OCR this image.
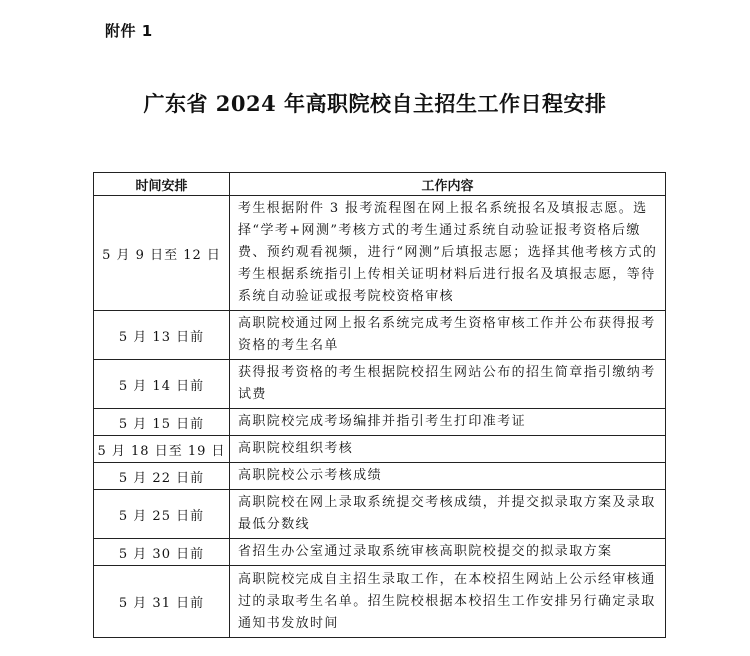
附件 1
广东省 2024 年高职院校自主招生工作日程安排
时间安排	工作内容
5 月 9 日至 12 日	考生根据附件 3 报考流程图在网上报名系统报名及填报志愿。选择“学考+网测”考核方式的考生通过系统自动验证报考资格后缴费、预约观看视频，进行“网测”后填报志愿；选择其他考核方式的考生根据系统指引上传相关证明材料后进行报名及填报志愿，等待系统自动验证或报考院校资格审核
5 月 13 日前	高职院校通过网上报名系统完成考生资格审核工作并公布获得报考资格的考生名单
5 月 14 日前	获得报考资格的考生根据院校招生网站公布的招生简章指引缴纳考试费
5 月 15 日前	高职院校完成考场编排并指引考生打印准考证
5 月 18 日至 19 日	高职院校组织考核
5 月 22 日前	高职院校公示考核成绩
5 月 25 日前	高职院校在网上录取系统提交考核成绩，并提交拟录取方案及录取最低分数线
5 月 30 日前	省招生办公室通过录取系统审核高职院校提交的拟录取方案
5 月 31 日前	高职院校完成自主招生录取工作，在本校招生网站上公示经审核通过的录取考生名单。招生院校根据本校招生工作安排另行确定录取通知书发放时间
